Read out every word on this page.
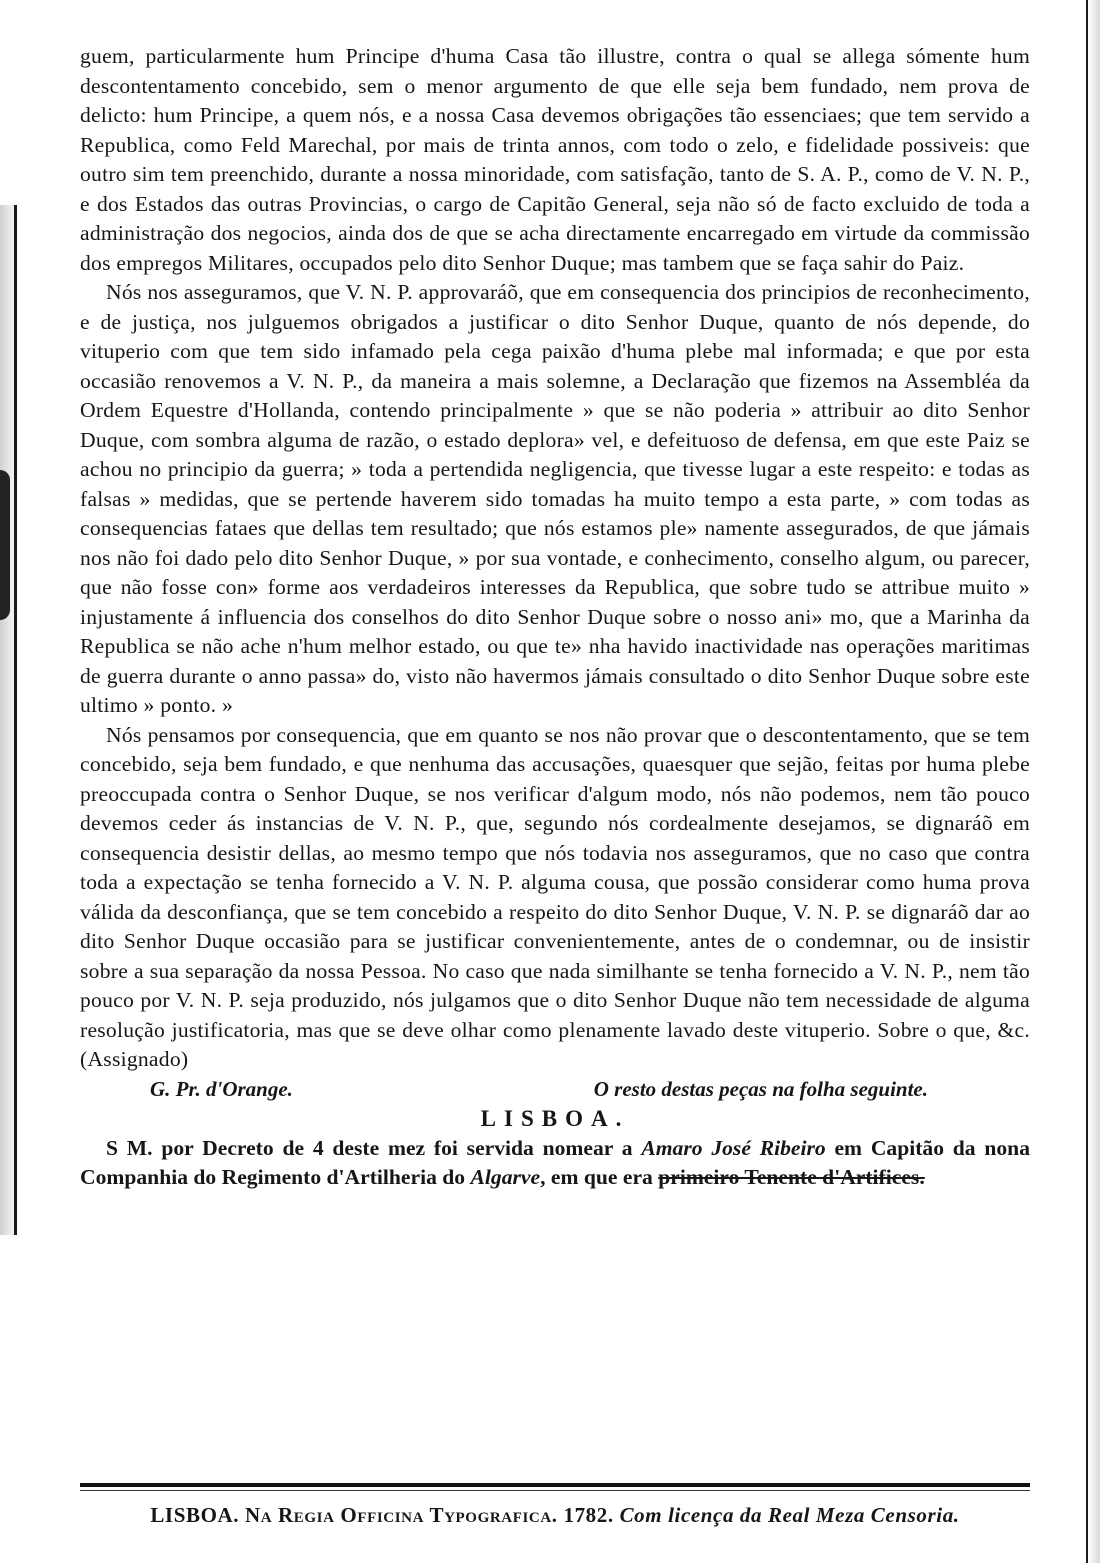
guem, particularmente hum Principe d'huma Casa tão illustre, contra o qual se allega sómente hum descontentamento concebido, sem o menor argumento de que elle seja bem fundado, nem prova de delicto: hum Principe, a quem nós, e a nossa Casa devemos obrigações tão essenciaes; que tem servido a Republica, como Feld Marechal, por mais de trinta annos, com todo o zelo, e fidelidade possiveis: que outro sim tem preenchido, durante a nossa minoridade, com satisfação, tanto de S. A. P., como de V. N. P., e dos Estados das outras Provincias, o cargo de Capitão General, seja não só de facto excluido de toda a administração dos negocios, ainda dos de que se acha directamente encarregado em virtude da commissão dos empregos Militares, occupados pelo dito Senhor Duque; mas tambem que se faça sahir do Paiz.

Nós nos asseguramos, que V. N. P. approvaráõ, que em consequencia dos principios de reconhecimento, e de justiça, nos julguemos obrigados a justificar o dito Senhor Duque, quanto de nós depende, do vituperio com que tem sido infamado pela cega paixão d'huma plebe mal informada; e que por esta occasião renovemos a V. N. P., da maneira a mais solemne, a Declaração que fizemos na Assembléa da Ordem Equestre d'Hollanda, contendo principalmente » que se não poderia » attribuir ao dito Senhor Duque, com sombra alguma de razão, o estado deplora» vel, e defeituoso de defensa, em que este Paiz se achou no principio da guerra; » toda a pertendida negligencia, que tivesse lugar a este respeito: e todas as falsas » medidas, que se pertende haverem sido tomadas ha muito tempo a esta parte, » com todas as consequencias fataes que dellas tem resultado; que nós estamos ple» namente assegurados, de que jámais nos não foi dado pelo dito Senhor Duque, » por sua vontade, e conhecimento, conselho algum, ou parecer, que não fosse con» forme aos verdadeiros interesses da Republica, que sobre tudo se attribue muito » injustamente á influencia dos conselhos do dito Senhor Duque sobre o nosso ani» mo, que a Marinha da Republica se não ache n'hum melhor estado, ou que te» nha havido inactividade nas operações maritimas de guerra durante o anno passa» do, visto não havermos jámais consultado o dito Senhor Duque sobre este ultimo » ponto. »

Nós pensamos por consequencia, que em quanto se nos não provar que o descontentamento, que se tem concebido, seja bem fundado, e que nenhuma das accusações, quaesquer que sejão, feitas por huma plebe preoccupada contra o Senhor Duque, se nos verificar d'algum modo, nós não podemos, nem tão pouco devemos ceder ás instancias de V. N. P., que, segundo nós cordealmente desejamos, se dignaráõ em consequencia desistir dellas, ao mesmo tempo que nós todavia nos asseguramos, que no caso que contra toda a expectação se tenha fornecido a V. N. P. alguma cousa, que possão considerar como huma prova válida da desconfiança, que se tem concebido a respeito do dito Senhor Duque, V. N. P. se dignaráõ dar ao dito Senhor Duque occasião para se justificar convenientemente, antes de o condemnar, ou de insistir sobre a sua separação da nossa Pessoa. No caso que nada similhante se tenha fornecido a V. N. P., nem tão pouco por V. N. P. seja produzido, nós julgamos que o dito Senhor Duque não tem necessidade de alguma resolução justificatoria, mas que se deve olhar como plenamente lavado deste vituperio. Sobre o que, &c. (Assignado)

G. Pr. d'Orange.	O resto destas peças na folha seguinte.

LISBOA.

S M. por Decreto de 4 deste mez foi servida nomear a Amaro José Ribeiro em Capitão da nona Companhia do Regimento d'Artilheria do Algarve, em que era primeiro Tenente d'Artifices.

LISBOA. Na Regia Officina Typografica. 1782. Com licença da Real Meza Censoria.
